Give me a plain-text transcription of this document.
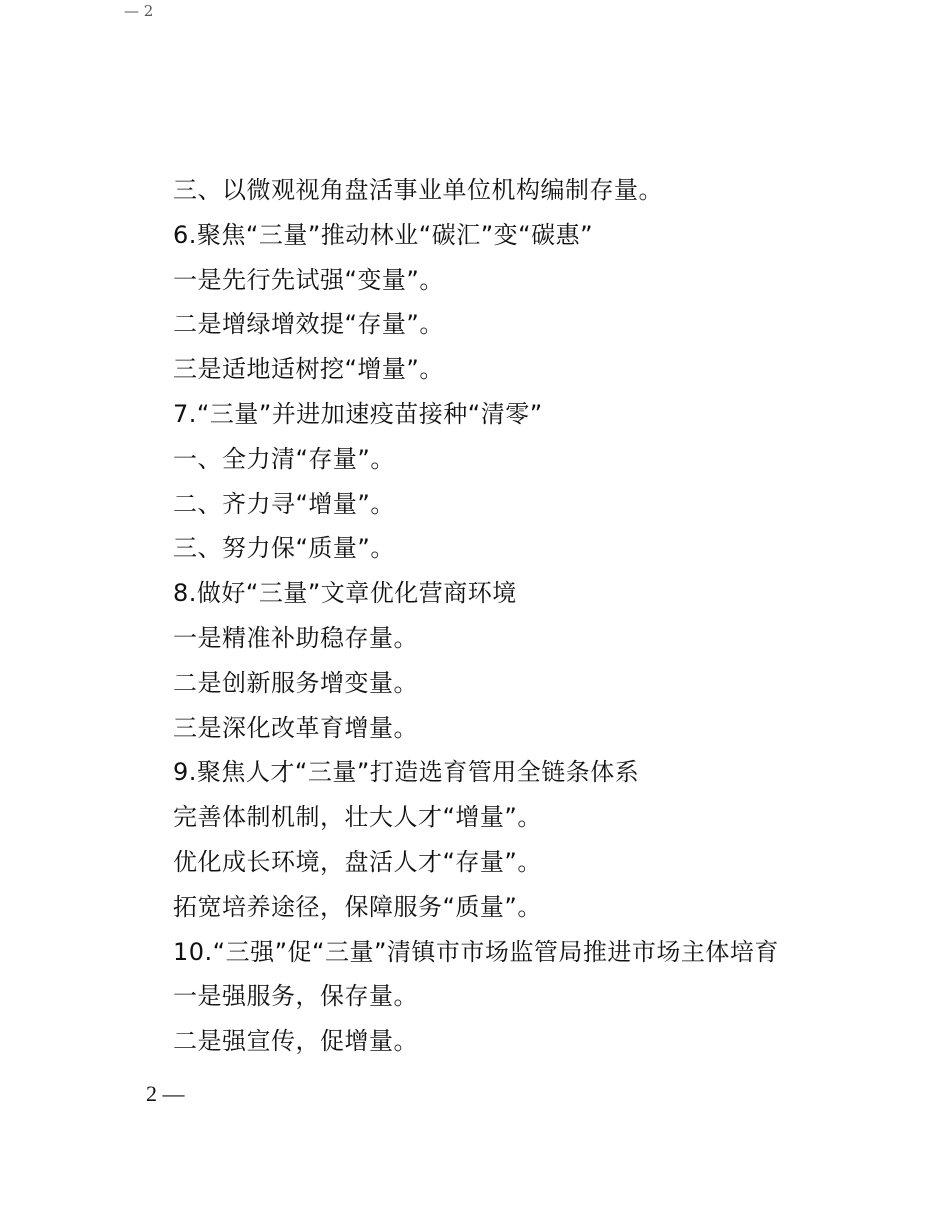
— 2
三、以微观视角盘活事业单位机构编制存量。
6.聚焦“三量”推动林业“碳汇”变“碳惠”
一是先行先试强“变量”。
二是增绿增效提“存量”。
三是适地适树挖“增量”。
7.“三量”并进加速疫苗接种“清零”
一、全力清“存量”。
二、齐力寻“增量”。
三、努力保“质量”。
8.做好“三量”文章优化营商环境
一是精准补助稳存量。
二是创新服务增变量。
三是深化改革育增量。
9.聚焦人才“三量”打造选育管用全链条体系
完善体制机制，壮大人才“增量”。
优化成长环境，盘活人才“存量”。
拓宽培养途径，保障服务“质量”。
10.“三强”促“三量”清镇市市场监管局推进市场主体培育
一是强服务，保存量。
二是强宣传，促增量。
2 —
